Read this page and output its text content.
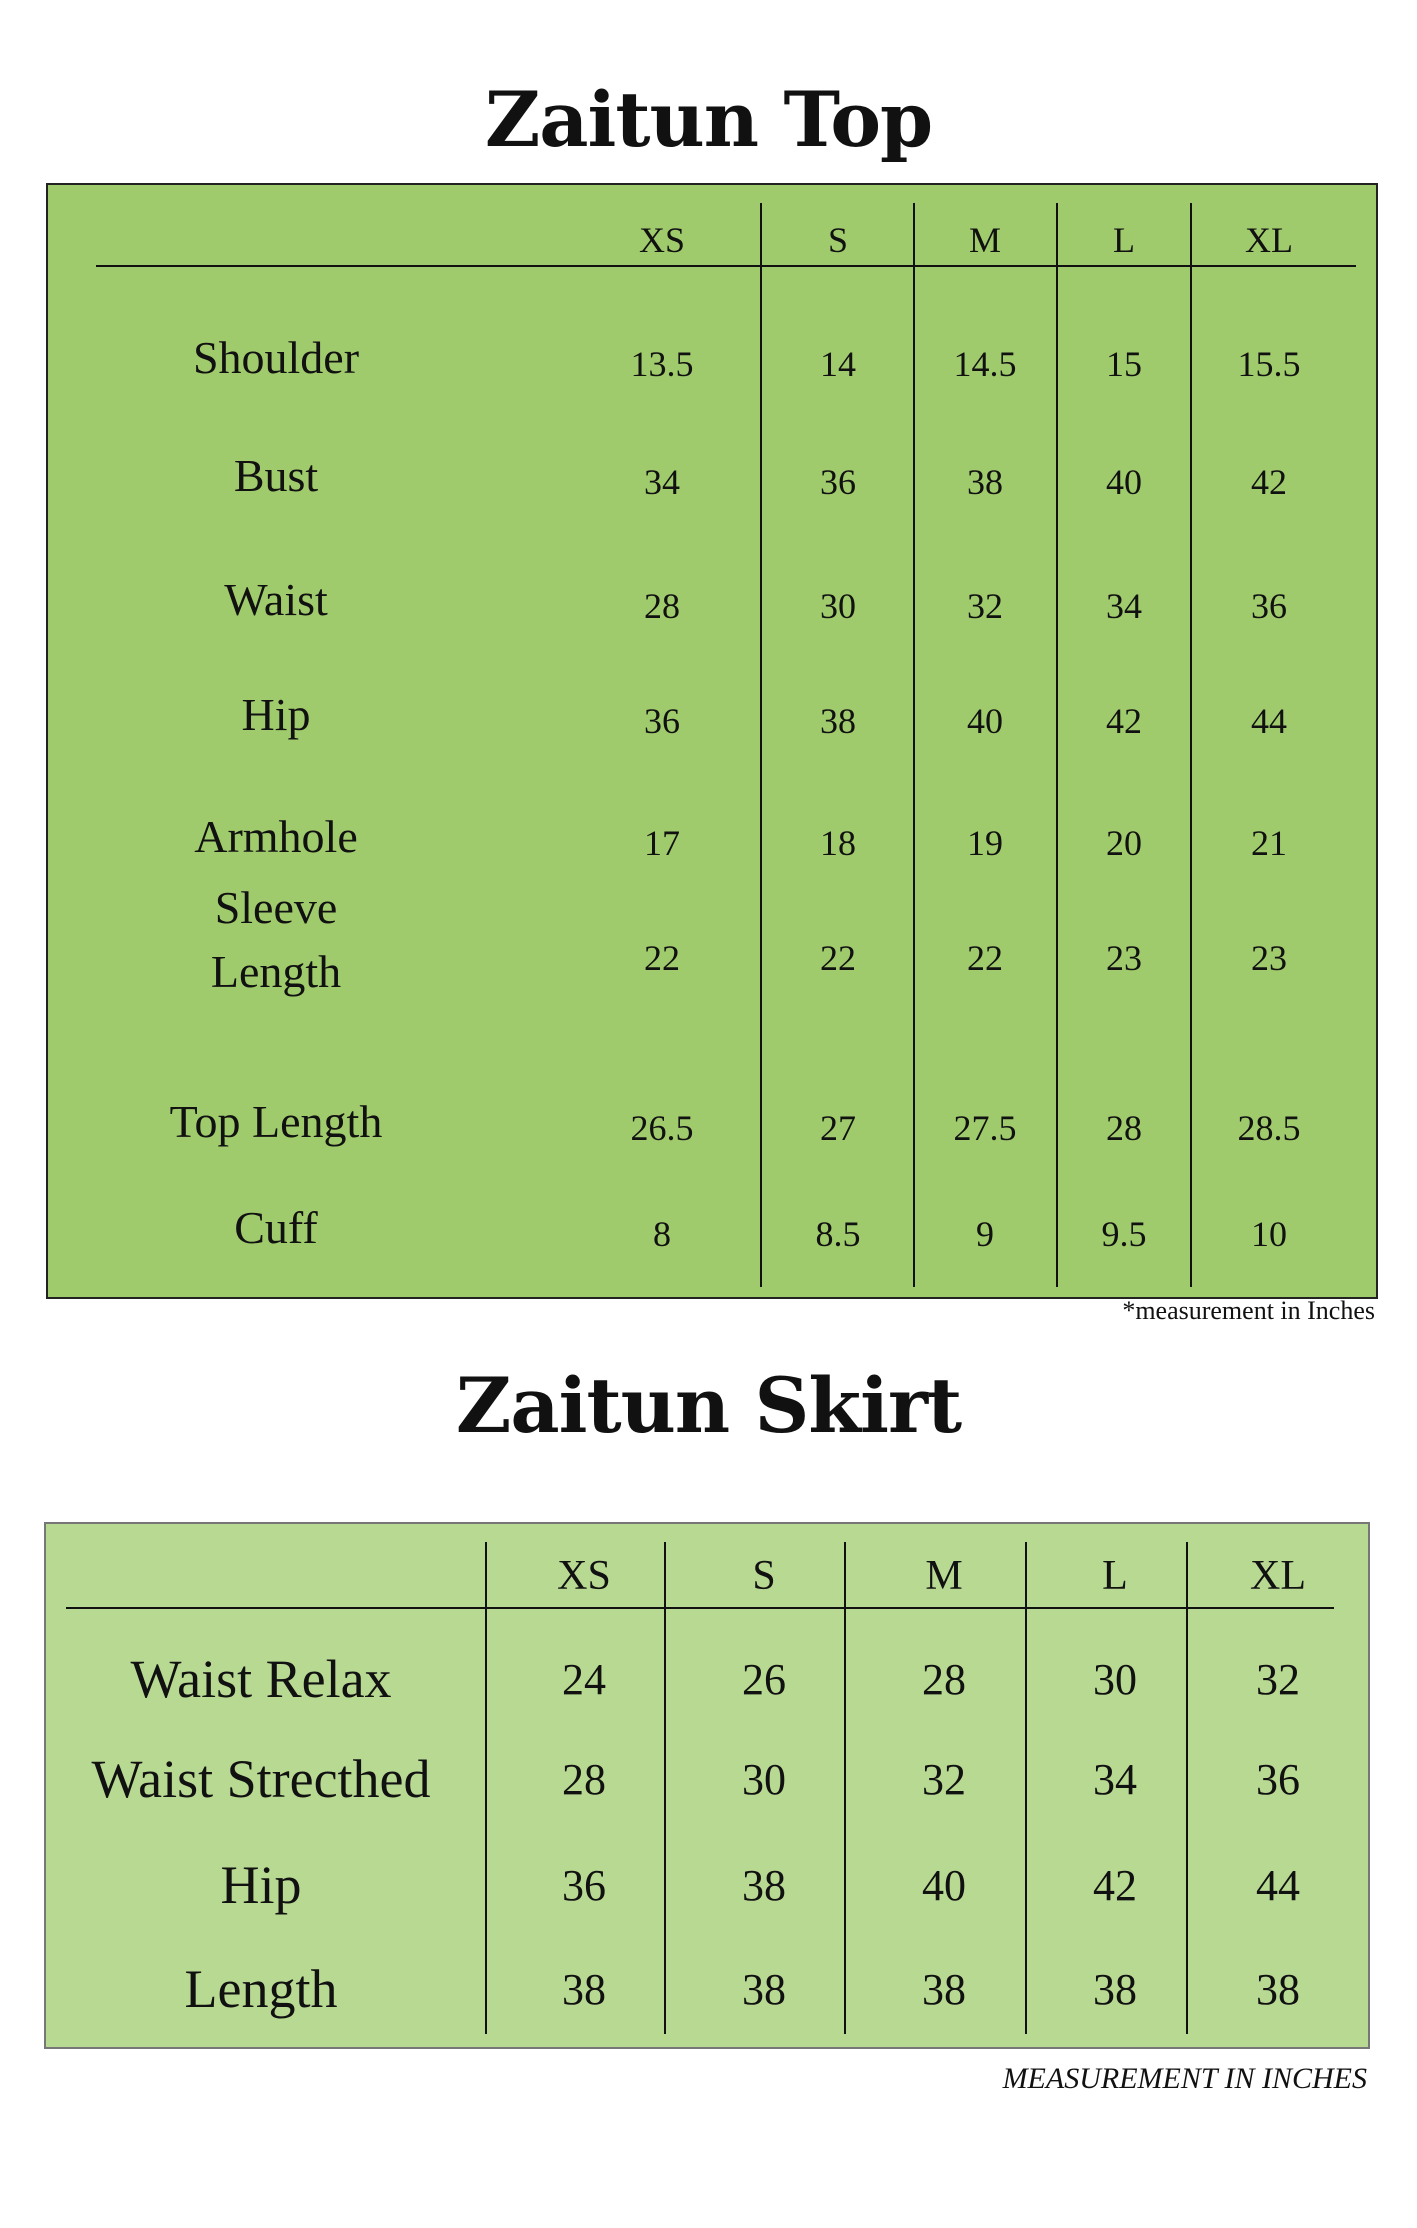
Zaitun Top
XS	S	M	L	XL
Shoulder	13.5	14	14.5	15	15.5
Bust	34	36	38	40	42
Waist	28	30	32	34	36
Hip	36	38	40	42	44
Armhole	17	18	19	20	21
Sleeve
Length	22	22	22	23	23
Top Length	26.5	27	27.5	28	28.5
Cuff	8	8.5	9	9.5	10
*measurement in Inches
Zaitun Skirt
XS	S	M	L	XL
Waist Relax	24	26	28	30	32
Waist Strecthed	28	30	32	34	36
Hip	36	38	40	42	44
Length	38	38	38	38	38
MEASUREMENT IN INCHES
